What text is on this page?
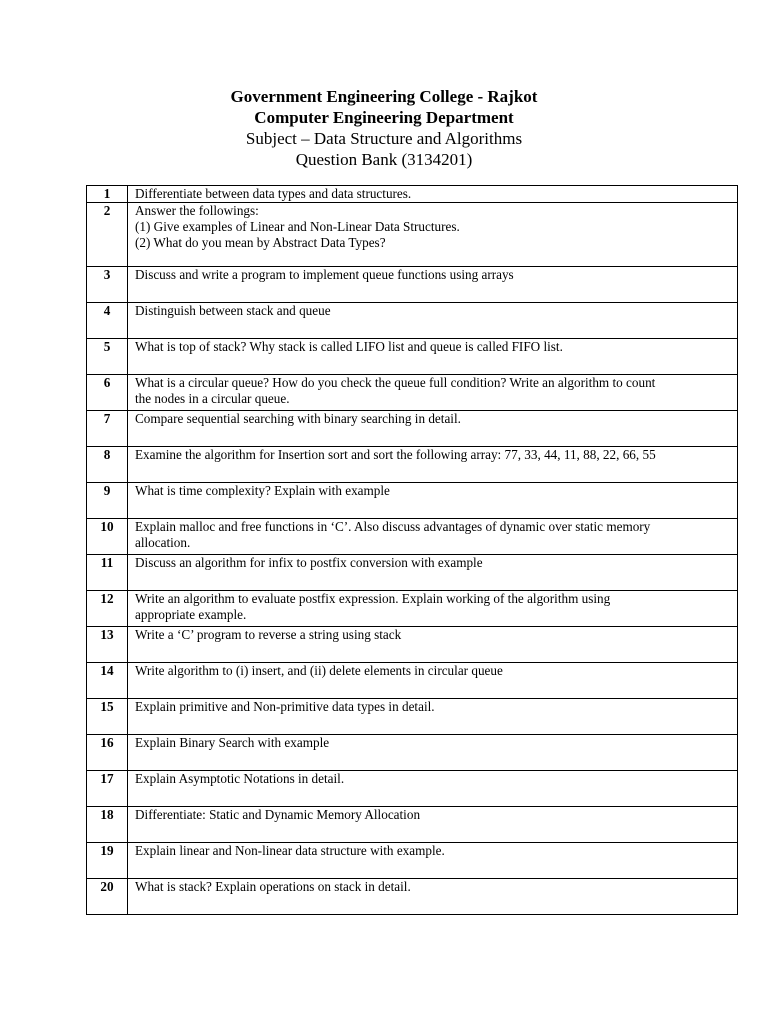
Government Engineering College - Rajkot
Computer Engineering Department
Subject – Data Structure and Algorithms
Question Bank (3134201)
1	Differentiate between data types and data structures.

2	Answer the followings:
(1) Give examples of Linear and Non-Linear Data Structures.
(2) What do you mean by Abstract Data Types?

3	Discuss and write a program to implement queue functions using arrays

4	Distinguish between stack and queue

5	What is top of stack? Why stack is called LIFO list and queue is called FIFO list.

6	What is a circular queue? How do you check the queue full condition? Write an algorithm to count
the nodes in a circular queue.

7	Compare sequential searching with binary searching in detail.

8	Examine the algorithm for Insertion sort and sort the following array: 77, 33, 44, 11, 88, 22, 66, 55

9	What is time complexity? Explain with example

10	Explain malloc and free functions in ‘C’. Also discuss advantages of dynamic over static memory
allocation.

11	Discuss an algorithm for infix to postfix conversion with example

12	Write an algorithm to evaluate postfix expression. Explain working of the algorithm using
appropriate example.

13	Write a ‘C’ program to reverse a string using stack

14	Write algorithm to (i) insert, and (ii) delete elements in circular queue

15	Explain primitive and Non-primitive data types in detail.

16	Explain Binary Search with example

17	Explain Asymptotic Notations in detail.

18	Differentiate: Static and Dynamic Memory Allocation

19	Explain linear and Non-linear data structure with example.

20	What is stack? Explain operations on stack in detail.
